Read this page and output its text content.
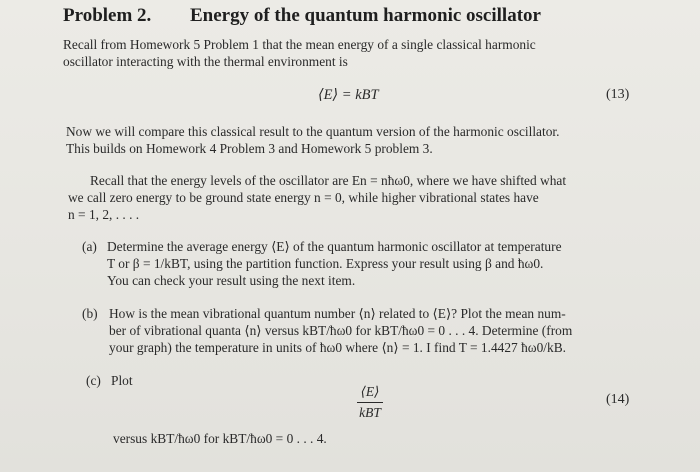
Problem 2. Energy of the quantum harmonic oscillator
Recall from Homework 5 Problem 1 that the mean energy of a single classical harmonic
oscillator interacting with the thermal environment is
⟨E⟩ = kBT	(13)
Now we will compare this classical result to the quantum version of the harmonic oscillator.
This builds on Homework 4 Problem 3 and Homework 5 problem 3.
Recall that the energy levels of the oscillator are En = nħω0, where we have shifted what
we call zero energy to be ground state energy n = 0, while higher vibrational states have
n = 1, 2, . . . .
(a) Determine the average energy ⟨E⟩ of the quantum harmonic oscillator at temperature
T or β = 1/kBT, using the partition function. Express your result using β and ħω0.
You can check your result using the next item.
(b) How is the mean vibrational quantum number ⟨n⟩ related to ⟨E⟩? Plot the mean num-
ber of vibrational quanta ⟨n⟩ versus kBT/ħω0 for kBT/ħω0 = 0 . . . 4. Determine (from
your graph) the temperature in units of ħω0 where ⟨n⟩ = 1. I find T = 1.4427 ħω0/kB.
(c) Plot
⟨E⟩
kBT
(14)
versus kBT/ħω0 for kBT/ħω0 = 0 . . . 4.
